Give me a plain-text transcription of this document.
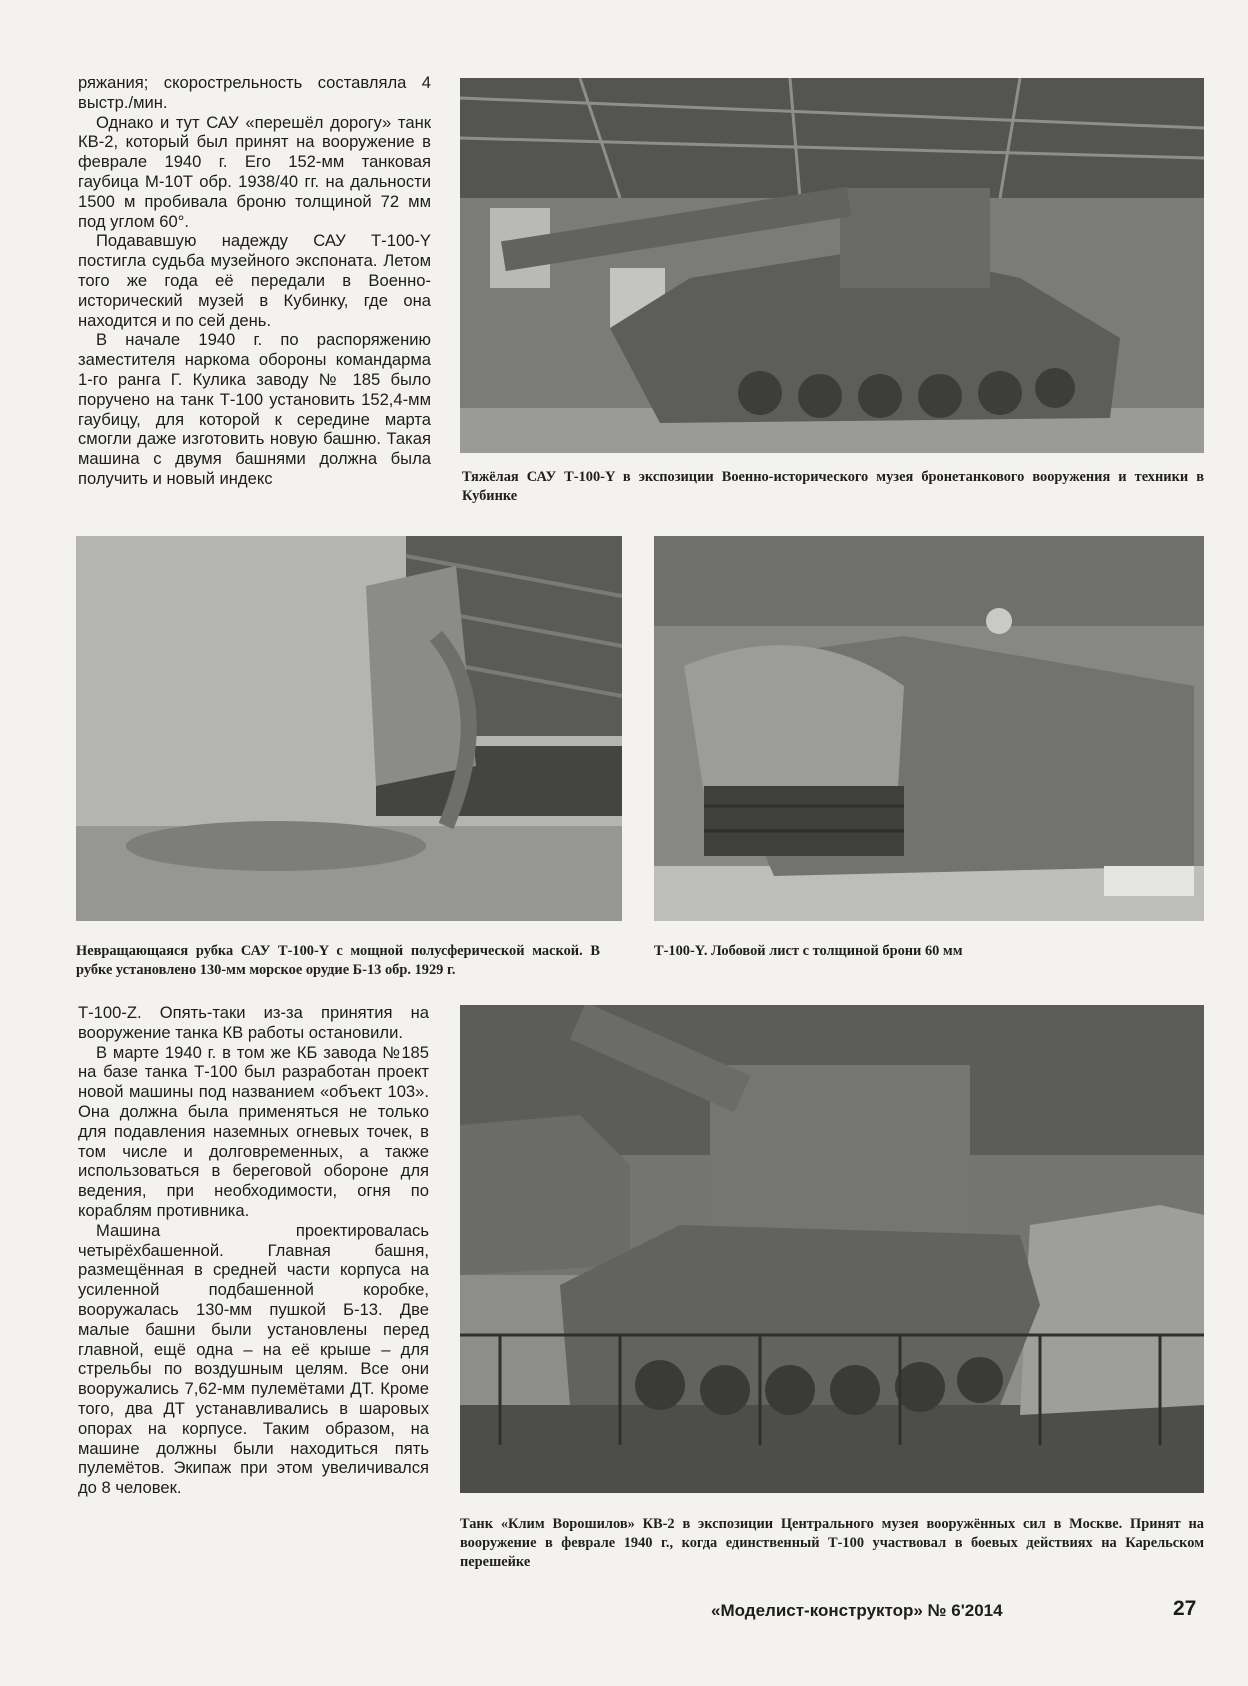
ряжания; скорострельность составляла 4 выстр./мин.

Однако и тут САУ «перешёл дорогу» танк КВ-2, который был принят на вооружение в феврале 1940 г. Его 152-мм танковая гаубица М-10Т обр. 1938/40 гг. на дальности 1500 м пробивала броню толщиной 72 мм под углом 60°.

Подававшую надежду САУ Т-100-Y постигла судьба музейного экспоната. Летом того же года её передали в Военно-исторический музей в Кубинку, где она находится и по сей день.

В начале 1940 г. по распоряжению заместителя наркома обороны командарма 1-го ранга Г. Кулика заводу № 185 было поручено на танк Т-100 установить 152,4-мм гаубицу, для которой к середине марта смогли даже изготовить новую башню. Такая машина с двумя башнями должна была получить и новый индекс	Тяжёлая САУ Т-100-Y в экспозиции Военно-исторического музея бронетанкового вооружения и техники в Кубинке
Невращающаяся рубка САУ Т-100-Y с мощной полусферической маской. В рубке установлено 130-мм морское орудие Б-13 обр. 1929 г.
Т-100-Y. Лобовой лист с толщиной брони 60 мм

Т-100-Z. Опять-таки из-за принятия на вооружение танка КВ работы остановили.

В марте 1940 г. в том же КБ завода №185 на базе танка Т-100 был разработан проект новой машины под названием «объект 103». Она должна была применяться не только для подавления наземных огневых точек, в том числе и долговременных, а также использоваться в береговой обороне для ведения, при необходимости, огня по кораблям противника.

Машина проектировалась четырёхбашенной. Главная башня, размещённая в средней части корпуса на усиленной подбашенной коробке, вооружалась 130-мм пушкой Б-13. Две малые башни были установлены перед главной, ещё одна – на её крыше – для стрельбы по воздушным целям. Все они вооружались 7,62-мм пулемётами ДТ. Кроме того, два ДТ устанавливались в шаровых опорах на корпусе. Таким образом, на машине должны были находиться пять пулемётов. Экипаж при этом увеличивался до 8 человек.

Танк «Клим Ворошилов» КВ-2 в экспозиции Центрального музея вооружённых сил в Москве. Принят на вооружение в феврале 1940 г., когда единственный Т-100 участвовал в боевых действиях на Карельском перешейке
«Моделист-конструктор» № 6'2014	27
